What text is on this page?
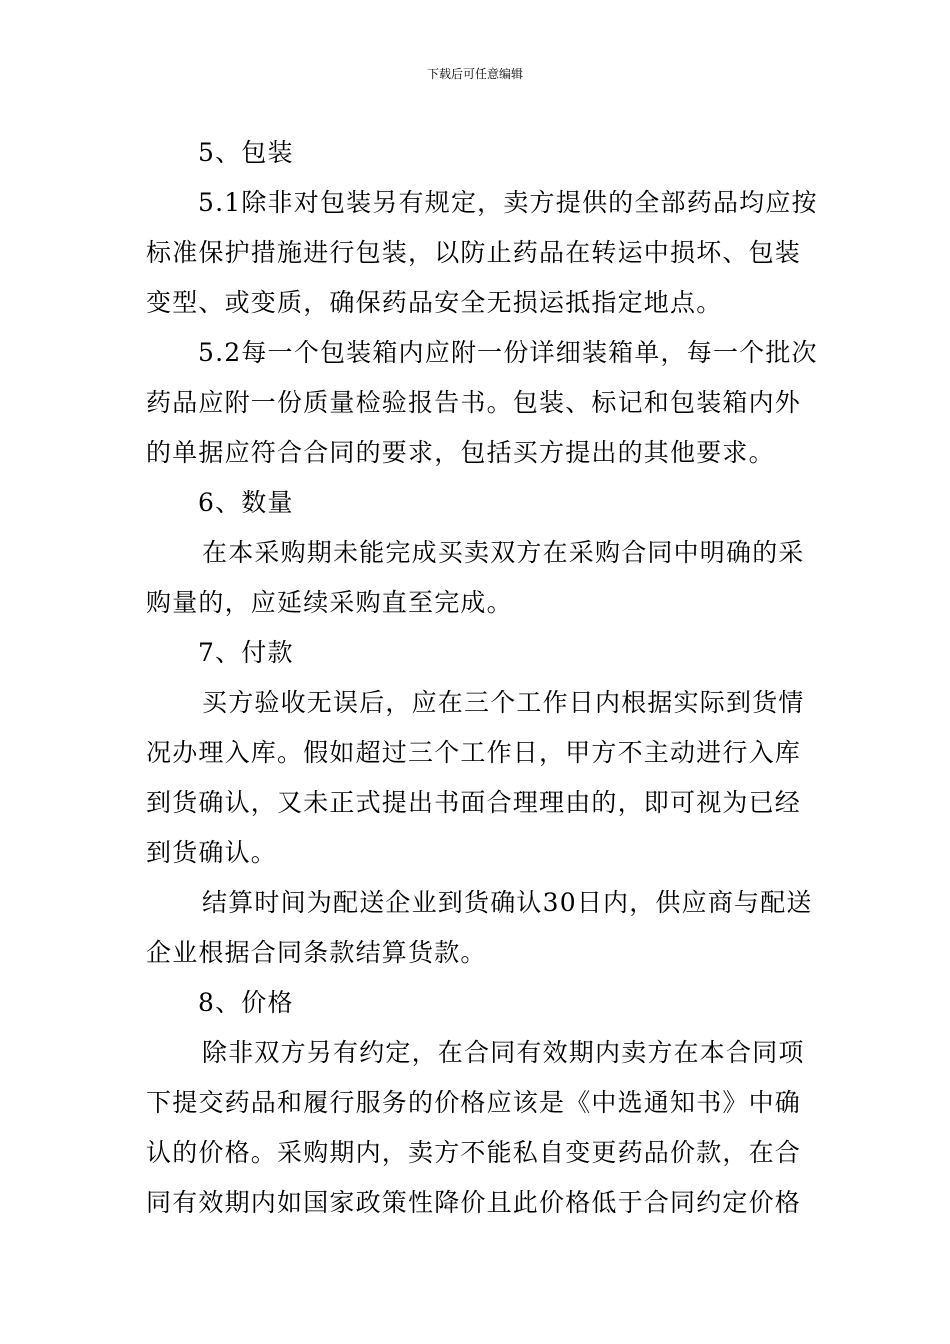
下载后可任意编辑
5、包装
5.1除非对包装另有规定，卖方提供的全部药品均应按
标准保护措施进行包装，以防止药品在转运中损坏、包装
变型、或变质，确保药品安全无损运抵指定地点。
5.2每一个包装箱内应附一份详细装箱单，每一个批次
药品应附一份质量检验报告书。包装、标记和包装箱内外
的单据应符合合同的要求，包括买方提出的其他要求。
6、数量
在本采购期未能完成买卖双方在采购合同中明确的采
购量的，应延续采购直至完成。
7、付款
买方验收无误后，应在三个工作日内根据实际到货情
况办理入库。假如超过三个工作日，甲方不主动进行入库
到货确认，又未正式提出书面合理理由的，即可视为已经
到货确认。
结算时间为配送企业到货确认30日内，供应商与配送
企业根据合同条款结算货款。
8、价格
除非双方另有约定，在合同有效期内卖方在本合同项
下提交药品和履行服务的价格应该是《中选通知书》中确
认的价格。采购期内，卖方不能私自变更药品价款，在合
同有效期内如国家政策性降价且此价格低于合同约定价格
